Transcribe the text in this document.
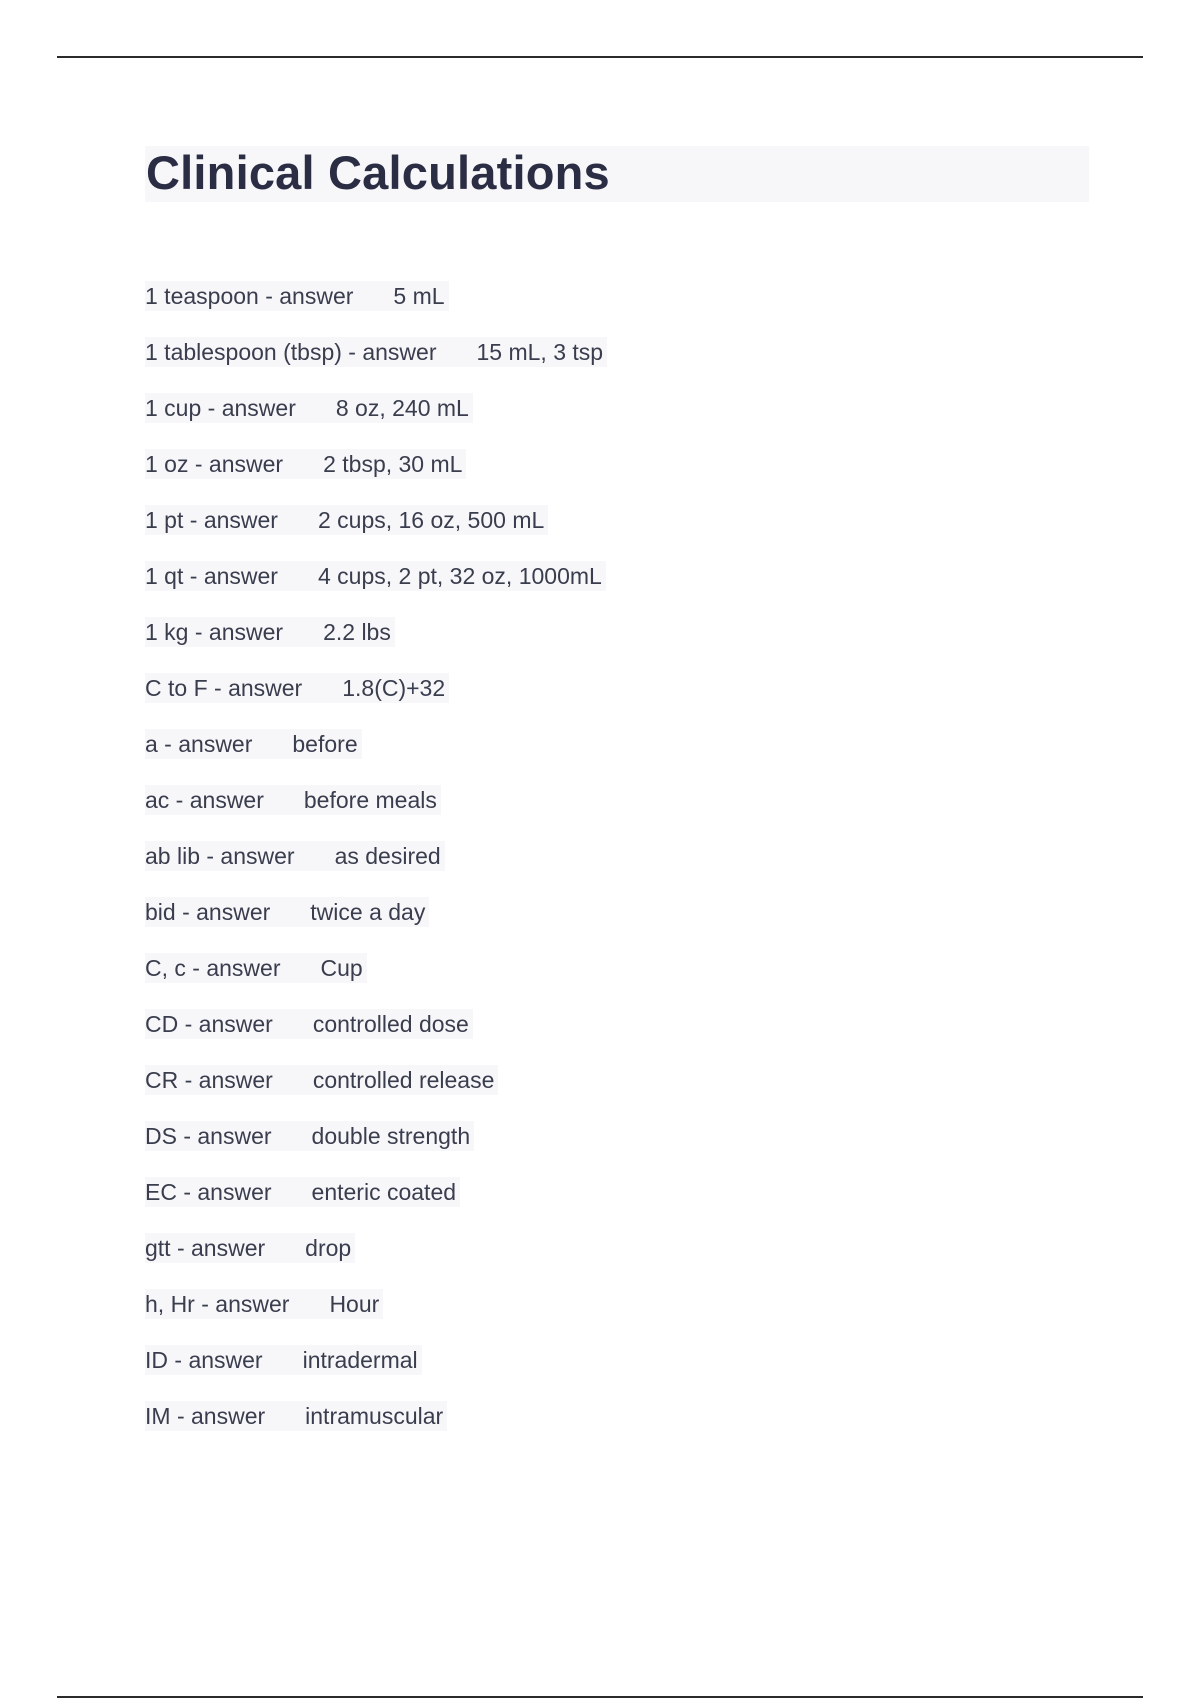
Clinical Calculations
1 teaspoon - answer 5 mL
1 tablespoon (tbsp) - answer 15 mL, 3 tsp
1 cup - answer 8 oz, 240 mL
1 oz - answer 2 tbsp, 30 mL
1 pt - answer 2 cups, 16 oz, 500 mL
1 qt - answer 4 cups, 2 pt, 32 oz, 1000mL
1 kg - answer 2.2 lbs
C to F - answer 1.8(C)+32
a - answer before
ac - answer before meals
ab lib - answer as desired
bid - answer twice a day
C, c - answer Cup
CD - answer controlled dose
CR - answer controlled release
DS - answer double strength
EC - answer enteric coated
gtt - answer drop
h, Hr - answer Hour
ID - answer intradermal
IM - answer intramuscular
